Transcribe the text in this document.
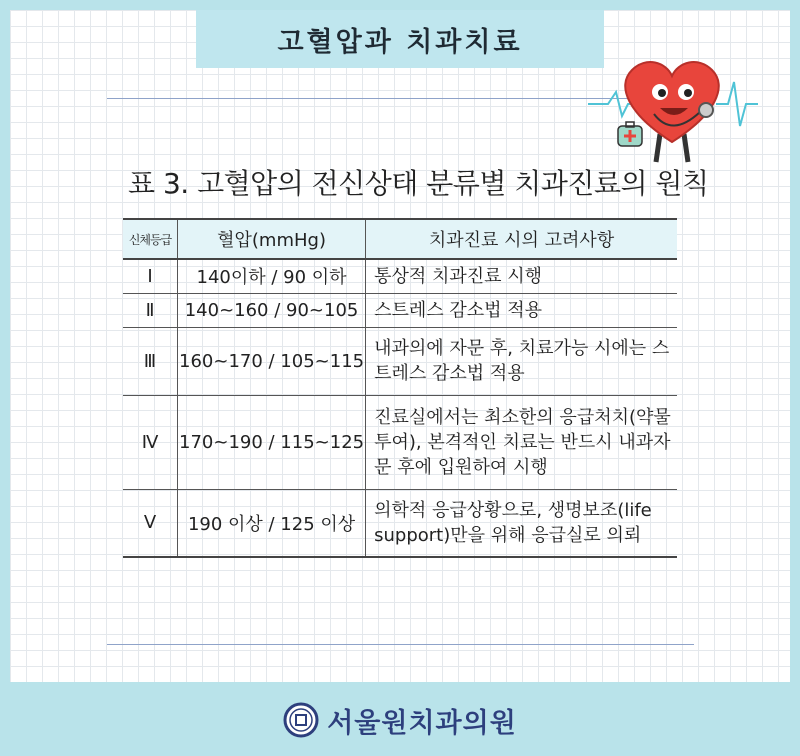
고혈압과 치과치료
표 3. 고혈압의 전신상태 분류별 치과진료의 원칙
신체등급	혈압(mmHg)	치과진료 시의 고려사항
Ⅰ	140이하 / 90 이하	통상적 치과진료 시행

Ⅱ	140~160 / 90~105	스트레스 감소법 적용

Ⅲ	160~170 / 105~115	내과의에 자문 후, 치료가능 시에는 스
트레스 감소법 적용

Ⅳ	170~190 / 115~125	진료실에서는 최소한의 응급처치(약물
투여), 본격적인 치료는 반드시 내과자
문 후에 입원하여 시행

Ⅴ	190 이상 / 125 이상	의학적 응급상황으로, 생명보조(life
support)만을 위해 응급실로 의뢰
서울원치과의원
